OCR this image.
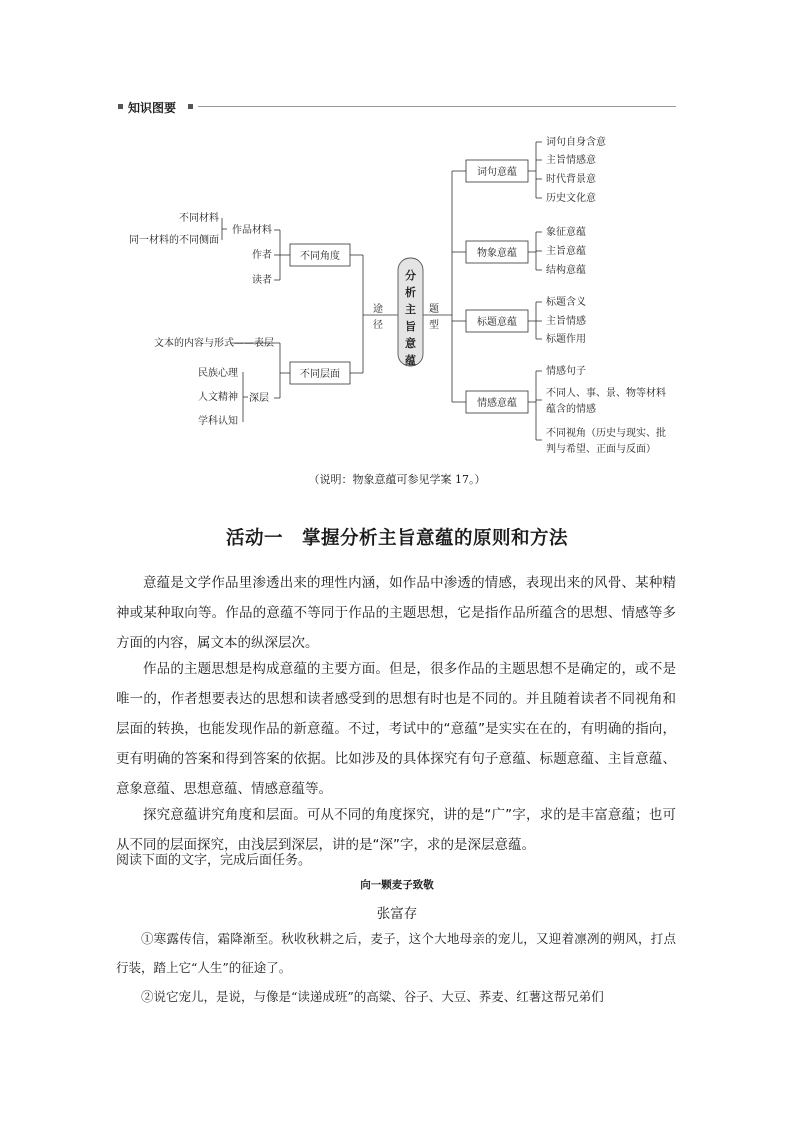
知识图要
分
析
主
旨
意
蕴
途
径
题
型
不同角度
不同层面
作品材料
作者
读者
不同材料
同一材料的不同侧面
文本的内容与形式——表层
深层
民族心理
人文精神
学科认知
词句意蕴
物象意蕴
标题意蕴
情感意蕴
词句自身含意
主旨情感意
时代背景意
历史文化意
象征意蕴
主旨意蕴
结构意蕴
标题含义
主旨情感
标题作用
情感句子
不同人、事、景、物等材料
蕴含的情感
不同视角（历史与现实、批
判与希望、正面与反面）
（说明：物象意蕴可参见学案 17。）
活动一　掌握分析主旨意蕴的原则和方法

意蕴是文学作品里渗透出来的理性内涵，如作品中渗透的情感，表现出来的风骨、某种精神或某种取向等。作品的意蕴不等同于作品的主题思想，它是指作品所蕴含的思想、情感等多方面的内容，属文本的纵深层次。

作品的主题思想是构成意蕴的主要方面。但是，很多作品的主题思想不是确定的，或不是唯一的，作者想要表达的思想和读者感受到的思想有时也是不同的。并且随着读者不同视角和层面的转换，也能发现作品的新意蕴。不过，考试中的“意蕴”是实实在在的，有明确的指向，更有明确的答案和得到答案的依据。比如涉及的具体探究有句子意蕴、标题意蕴、主旨意蕴、意象意蕴、思想意蕴、情感意蕴等。

探究意蕴讲究角度和层面。可从不同的角度探究，讲的是“广”字，求的是丰富意蕴；也可从不同的层面探究，由浅层到深层，讲的是“深”字，求的是深层意蕴。

阅读下面的文字，完成后面任务。

向一颗麦子致敬
张富存

①寒露传信，霜降渐至。秋收秋耕之后，麦子，这个大地母亲的宠儿，又迎着凛冽的朔风，打点行装，踏上它“人生”的征途了。

②说它宠儿，是说，与像是“读递成班”的高粱、谷子、大豆、荞麦、红薯这帮兄弟们
